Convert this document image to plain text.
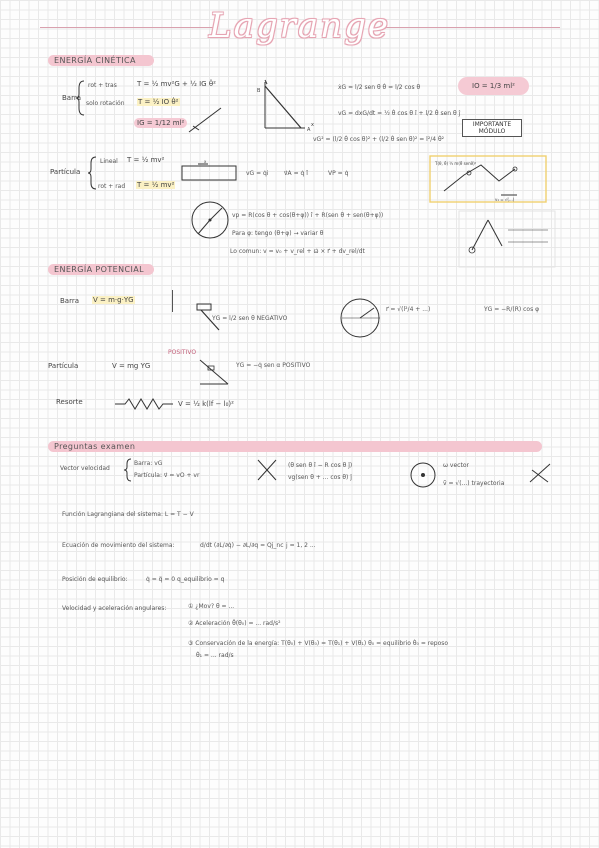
Lagrange
ENERGÍA CINÉTICA
Barra
rot + tras	T = ½ mv²G + ½ IG θ̇²
solo rotación T = ½ IO θ̇²
IG = 1/12 ml²
B
A
x
ẋG = l/2 sen θ θ̇ = l/2 cos θ
vG = dxG/dt = ½ θ̇ cos θ î + l/2 θ̇ sen θ ĵ
vG² = (l/2 θ̇ cos θ)² + (l/2 θ̇ sen θ)² = l²/4 θ̇²
IO = 1/3 ml²
IMPORTANTE
MÓDULO
Partícula
Lineal T = ½ mv²
rot + rad T = ½ mv²
x
vG = q̇i	v⃗A = q̇ î	VP = q̇
T(θ, θ̇) ½ m(θ̇ senθ)²
v₁ = √(...)
vp = R(cos θ + cos(θ+φ)) î + R(sen θ + sen(θ+φ))
Para φ: tengo (θ+φ) → variar θ
Lo comun: v = v₀ + v_rel + ω⃗ × r⃗ + dv_rel/dt
ENERGÍA POTENCIAL
Barra V = m·g·YG
YG = l/2 sen θ NEGATIVO
r⃗ = √(l²/4 + ...)	YG = −R/(R) cos φ
Partícula	V = mg YG
POSITIVO
YG = −q̇ sen α POSITIVO
Resorte	V = ½ k(lf − l₀)²
Preguntas examen
Vector velocidad
Barra: vG
Partícula: v⃗ = vO + vr
(θ sen θ î − R cos θ ĵ)
vg(sen θ + ... cos θ) ĵ
ω vector
ṽ = √(...) trayectoria
Función Lagrangiana del sistema: L = T − V
Ecuación de movimiento del sistema:	d/dt (∂L/∂q̇) − ∂L/∂q = Qj_nc j = 1, 2 ...
Posición de equilibrio:	q̇ = q̈ = 0 q_equilibrio = q
Velocidad y aceleración angulares:	① ¿Mov? θ = ...
② Aceleración θ̈(θ₀) = ... rad/s²
③ Conservación de la energía: T(θ₀) + V(θ₀) = T(θ₁) + V(θ₁) θ₀ = equilibrio θ̇₀ = reposo
θ̇₁ = ... rad/s
